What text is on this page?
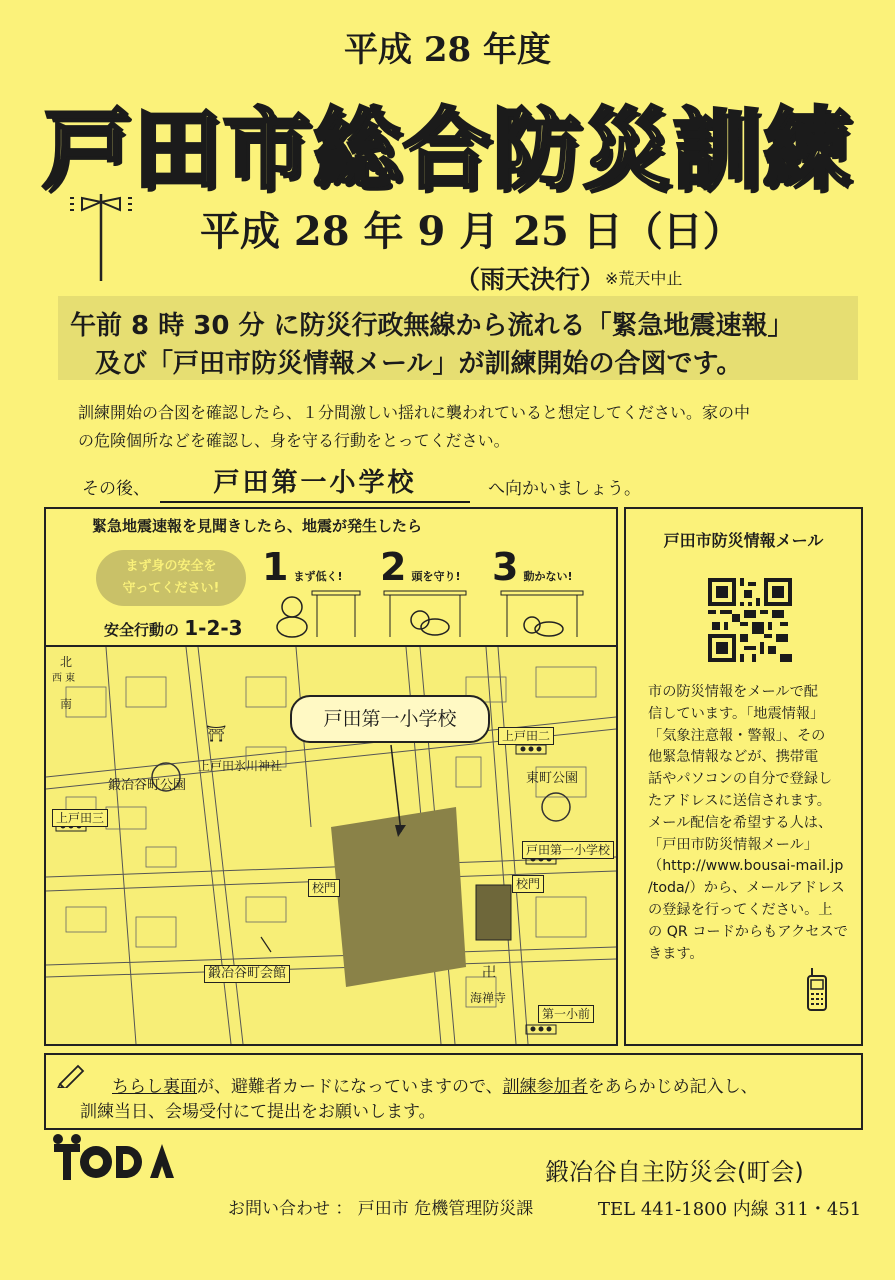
平成 28 年度
戸田市総合防災訓練
平成 28 年 9 月 25 日（日）
（雨天決行） ※荒天中止
午前 8 時 30 分 に防災行政無線から流れる「緊急地震速報」
及び「戸田市防災情報メール」が訓練開始の合図です。
訓練開始の合図を確認したら、１分間激しい揺れに襲われていると想定してください。家の中
の危険個所などを確認し、身を守る行動をとってください。
その後、	戸田第一小学校	へ向かいましょう。
緊急地震速報を見聞きしたら、地震が発生したら
まず身の安全を
守ってください!
安全行動の 1-2-3
1 まず低く! 2 頭を守り! 3 動かない!
⛩
卍
北
西 東
南
上戸田氷川神社
鍛冶谷町公園	東町公園
上戸田三
上戸田二
戸田第一小学校
校門	校門
鍛冶谷町会館
海禅寺
第一小前
戸田第一小学校
戸田市防災情報メール
市の防災情報をメールで配
信しています。「地震情報」
「気象注意報・警報」、その
他緊急情報などが、携帯電
話やパソコンの自分で登録し
たアドレスに送信されます。
メール配信を希望する人は、
「戸田市防災情報メール」
（http://www.bousai-mail.jp
/toda/）から、メールアドレス
の登録を行ってください。上
の QR コードからもアクセスで
きます。
ちらし裏面が、避難者カードになっていますので、訓練参加者をあらかじめ記入し、
訓練当日、会場受付にて提出をお願いします。
TODA
鍛冶谷自主防災会(町会)
お問い合わせ ： 戸田市 危機管理防災課	TEL 441-1800 内線 311・451
